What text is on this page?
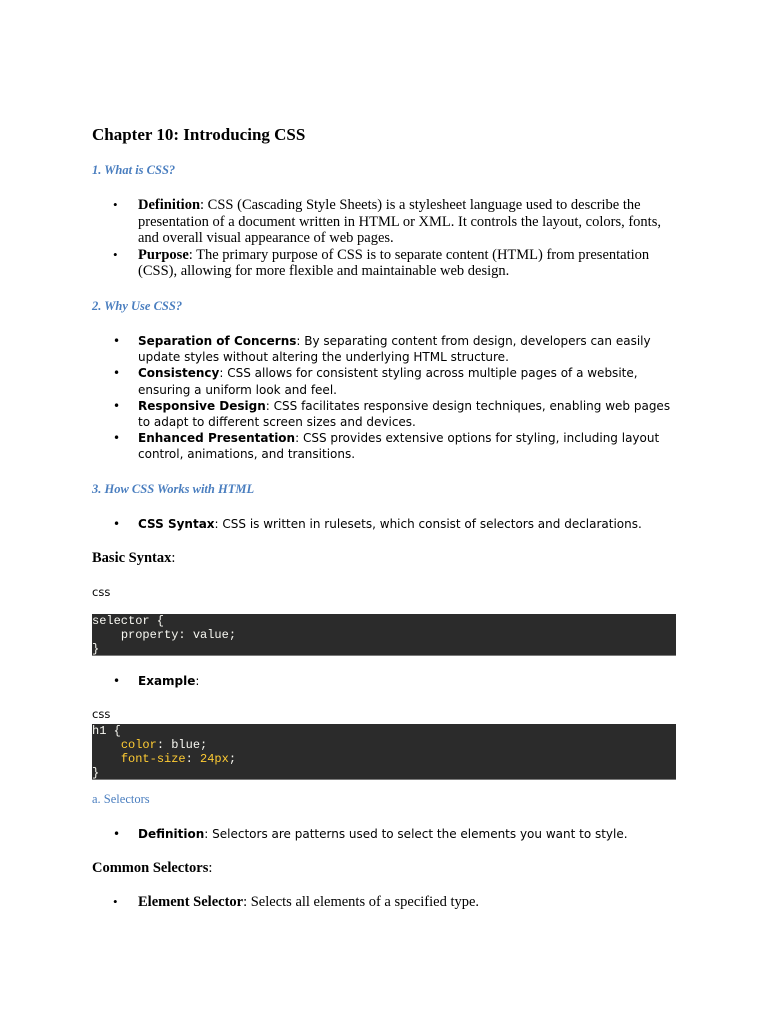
Chapter 10: Introducing CSS
1. What is CSS?
• Definition: CSS (Cascading Style Sheets) is a stylesheet language used to describe the presentation of a document written in HTML or XML. It controls the layout, colors, fonts, and overall visual appearance of web pages.
• Purpose: The primary purpose of CSS is to separate content (HTML) from presentation (CSS), allowing for more flexible and maintainable web design.
2. Why Use CSS?
• Separation of Concerns: By separating content from design, developers can easily update styles without altering the underlying HTML structure.
• Consistency: CSS allows for consistent styling across multiple pages of a website, ensuring a uniform look and feel.
• Responsive Design: CSS facilitates responsive design techniques, enabling web pages to adapt to different screen sizes and devices.
• Enhanced Presentation: CSS provides extensive options for styling, including layout control, animations, and transitions.
3. How CSS Works with HTML
• CSS Syntax: CSS is written in rulesets, which consist of selectors and declarations.
Basic Syntax:
css
selector {
property: value;
}
• Example:
css
h1 {
color: blue;
font-size: 24px;
}
a. Selectors
• Definition: Selectors are patterns used to select the elements you want to style.
Common Selectors:
• Element Selector: Selects all elements of a specified type.
